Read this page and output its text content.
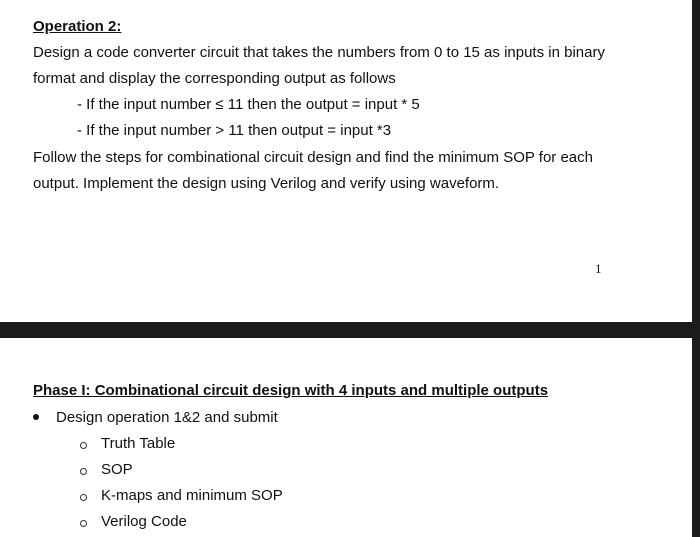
Operation 2:
Design a code converter circuit that takes the numbers from 0 to 15 as inputs in binary
format and display the corresponding output as follows
- If the input number ≤ 11 then the output = input * 5
- If the input number > 11 then output = input *3
Follow the steps for combinational circuit design and find the minimum SOP for each
output. Implement the design using Verilog and verify using waveform.
1
Phase I: Combinational circuit design with 4 inputs and multiple outputs
Design operation 1&2 and submit
Truth Table
SOP
K-maps and minimum SOP
Verilog Code
